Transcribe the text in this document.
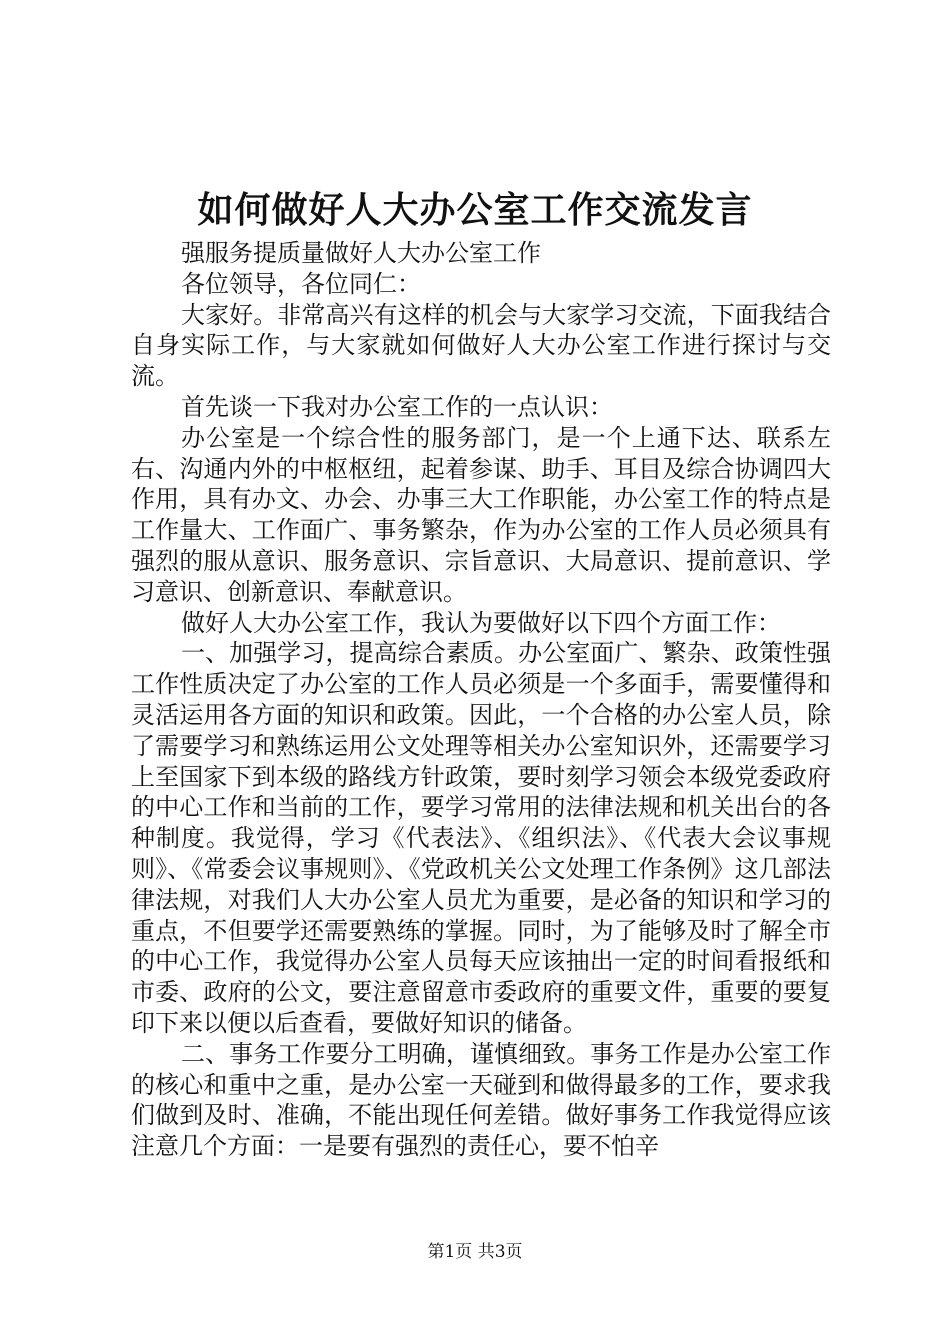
如何做好人大办公室工作交流发言

强服务提质量做好人大办公室工作

各位领导，各位同仁：

大家好。非常高兴有这样的机会与大家学习交流，下面我结合自身实际工作，与大家就如何做好人大办公室工作进行探讨与交流。

首先谈一下我对办公室工作的一点认识：

办公室是一个综合性的服务部门，是一个上通下达、联系左右、沟通内外的中枢枢纽，起着参谋、助手、耳目及综合协调四大作用，具有办文、办会、办事三大工作职能，办公室工作的特点是工作量大、工作面广、事务繁杂，作为办公室的工作人员必须具有强烈的服从意识、服务意识、宗旨意识、大局意识、提前意识、学习意识、创新意识、奉献意识。

做好人大办公室工作，我认为要做好以下四个方面工作：

一、加强学习，提高综合素质。办公室面广、繁杂、政策性强工作性质决定了办公室的工作人员必须是一个多面手，需要懂得和灵活运用各方面的知识和政策。因此，一个合格的办公室人员，除了需要学习和熟练运用公文处理等相关办公室知识外，还需要学习上至国家下到本级的路线方针政策，要时刻学习领会本级党委政府的中心工作和当前的工作，要学习常用的法律法规和机关出台的各种制度。我觉得，学习《代表法》、《组织法》、《代表大会议事规则》、《常委会议事规则》、《党政机关公文处理工作条例》这几部法律法规，对我们人大办公室人员尤为重要，是必备的知识和学习的重点，不但要学还需要熟练的掌握。同时，为了能够及时了解全市的中心工作，我觉得办公室人员每天应该抽出一定的时间看报纸和市委、政府的公文，要注意留意市委政府的重要文件，重要的要复印下来以便以后查看，要做好知识的储备。

二、事务工作要分工明确，谨慎细致。事务工作是办公室工作的核心和重中之重，是办公室一天碰到和做得最多的工作，要求我们做到及时、准确，不能出现任何差错。做好事务工作我觉得应该注意几个方面：一是要有强烈的责任心，要不怕辛

第1页 共3页
